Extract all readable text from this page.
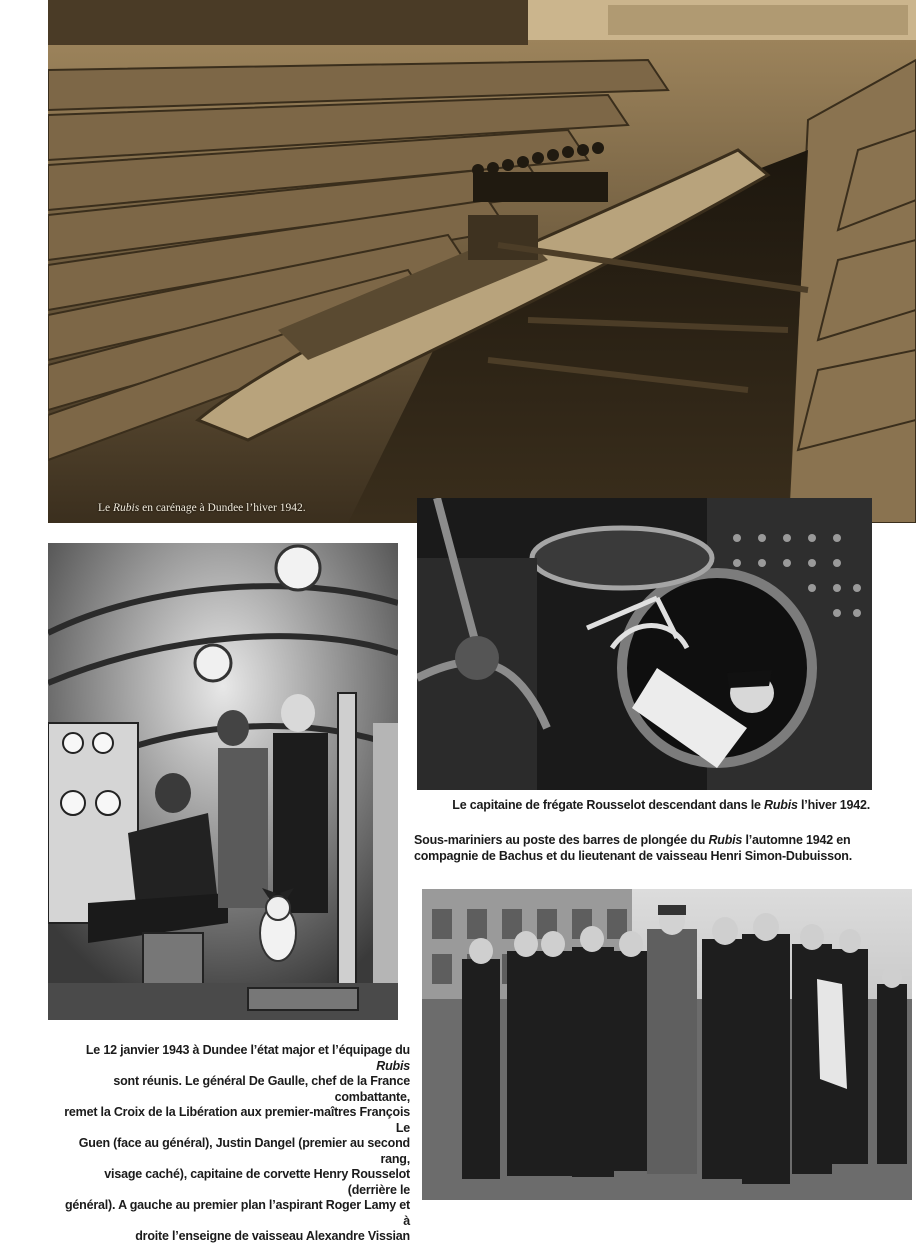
Le Rubis en carénage à Dundee l’hiver 1942.
Le capitaine de frégate Rousselot descendant dans le Rubis l’hiver 1942.
Sous-mariniers au poste des barres de plongée du Rubis l’automne 1942 en
compagnie de Bachus et du lieutenant de vaisseau Henri Simon-Dubuisson.
Le 12 janvier 1943 à Dundee l’état major et l’équipage du Rubis
sont réunis. Le général De Gaulle, chef de la France combattante,
remet la Croix de la Libération aux premier-maîtres François Le
Guen (face au général), Justin Dangel (premier au second rang,
visage caché), capitaine de corvette Henry Rousselot (derrière le
général). A gauche au premier plan l’aspirant Roger Lamy et à
droite l’enseigne de vaisseau Alexandre Vissian
